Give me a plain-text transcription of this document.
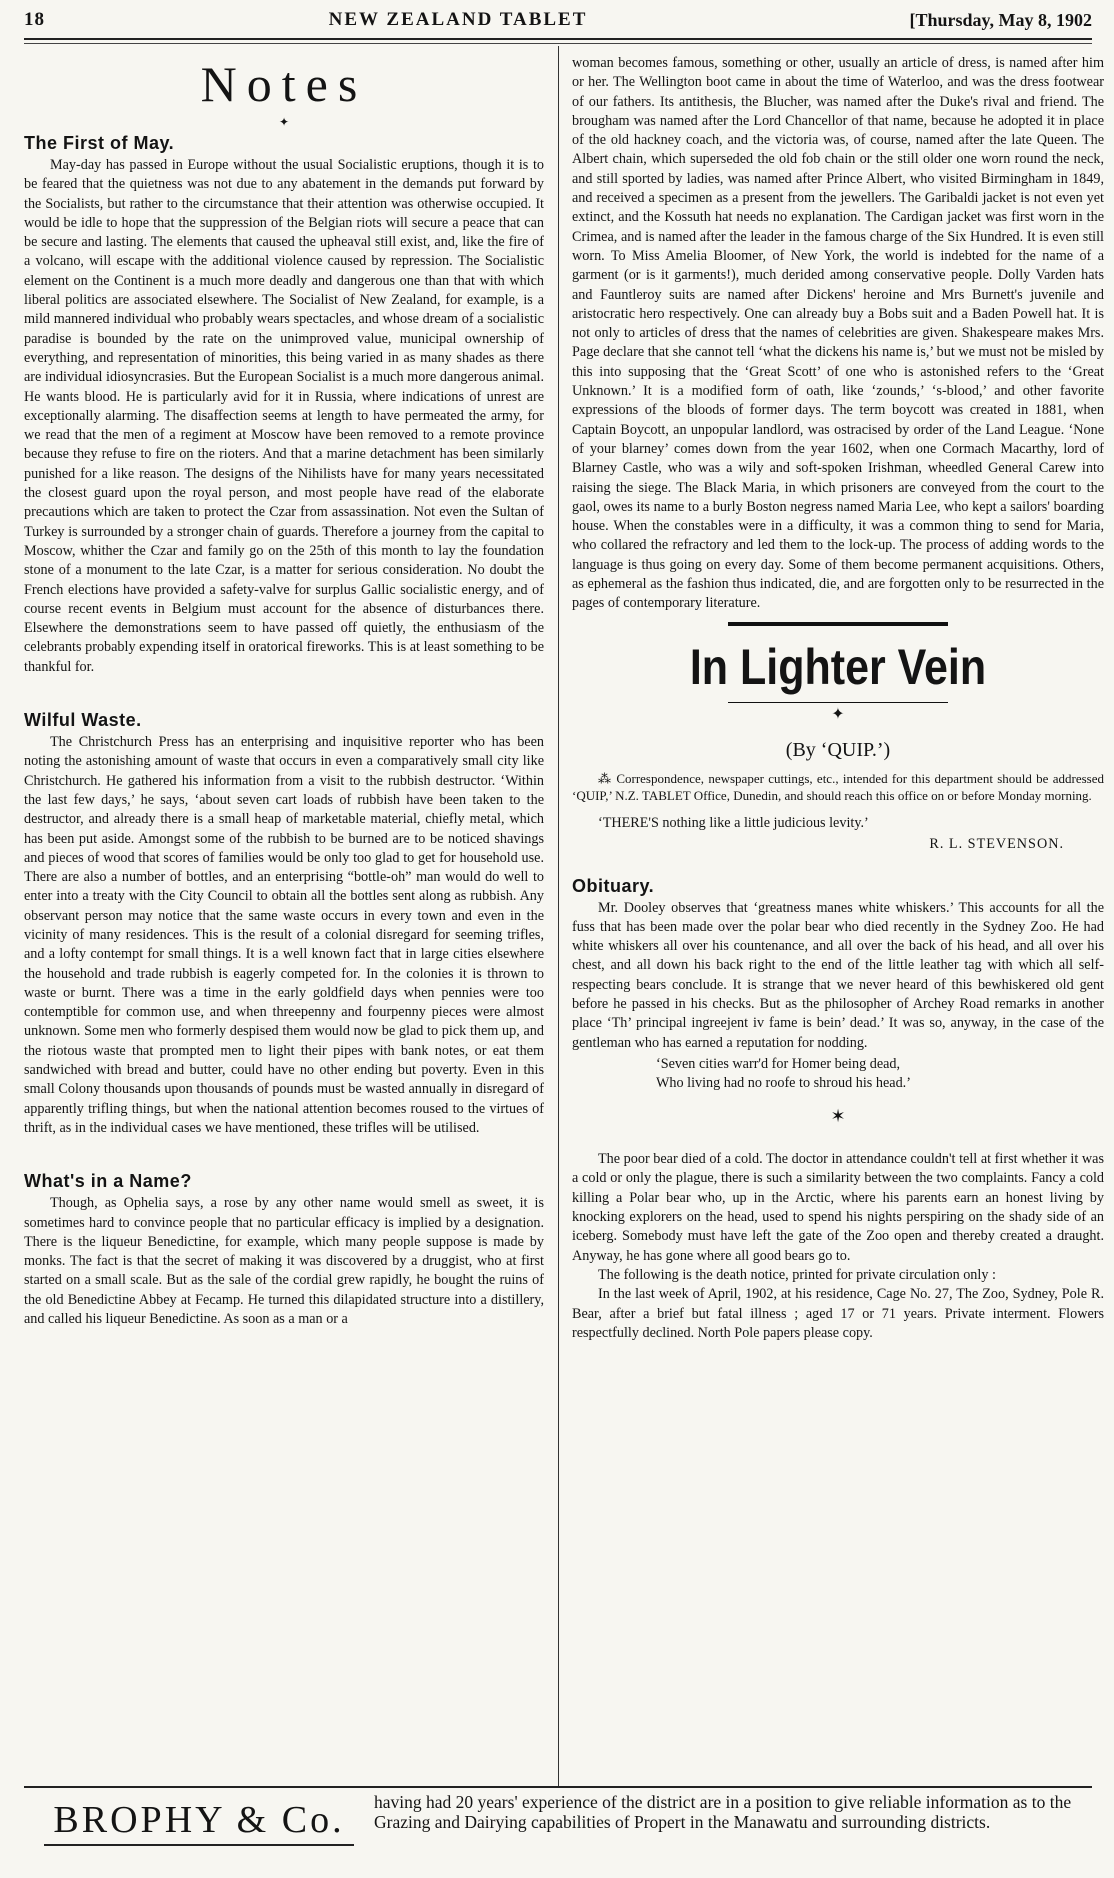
18	NEW ZEALAND TABLET	[Thursday, May 8, 1902
Notes
✦
The First of May.

May-day has passed in Europe without the usual Socialistic eruptions, though it is to be feared that the quietness was not due to any abatement in the demands put forward by the Socialists, but rather to the circumstance that their attention was otherwise occupied. It would be idle to hope that the suppression of the Belgian riots will secure a peace that can be secure and lasting. The elements that caused the upheaval still exist, and, like the fire of a volcano, will escape with the additional violence caused by repression. The Socialistic element on the Continent is a much more deadly and dangerous one than that with which liberal politics are associated elsewhere. The Socialist of New Zealand, for example, is a mild mannered individual who probably wears spectacles, and whose dream of a socialistic paradise is bounded by the rate on the unimproved value, municipal ownership of everything, and representation of minorities, this being varied in as many shades as there are individual idiosyncrasies. But the European Socialist is a much more dangerous animal. He wants blood. He is particularly avid for it in Russia, where indications of unrest are exceptionally alarming. The disaffection seems at length to have permeated the army, for we read that the men of a regiment at Moscow have been removed to a remote province because they refuse to fire on the rioters. And that a marine detachment has been similarly punished for a like reason. The designs of the Nihilists have for many years necessitated the closest guard upon the royal person, and most people have read of the elaborate precautions which are taken to protect the Czar from assassination. Not even the Sultan of Turkey is surrounded by a stronger chain of guards. Therefore a journey from the capital to Moscow, whither the Czar and family go on the 25th of this month to lay the foundation stone of a monument to the late Czar, is a matter for serious consideration. No doubt the French elections have provided a safety-valve for surplus Gallic socialistic energy, and of course recent events in Belgium must account for the absence of disturbances there. Elsewhere the demonstrations seem to have passed off quietly, the enthusiasm of the celebrants probably expending itself in oratorical fireworks. This is at least something to be thankful for.

Wilful Waste.

The Christchurch Press has an enterprising and inquisitive reporter who has been noting the astonishing amount of waste that occurs in even a comparatively small city like Christchurch. He gathered his information from a visit to the rubbish destructor. ‘Within the last few days,’ he says, ‘about seven cart loads of rubbish have been taken to the destructor, and already there is a small heap of marketable material, chiefly metal, which has been put aside. Amongst some of the rubbish to be burned are to be noticed shavings and pieces of wood that scores of families would be only too glad to get for household use. There are also a number of bottles, and an enterprising “bottle-oh” man would do well to enter into a treaty with the City Council to obtain all the bottles sent along as rubbish. Any observant person may notice that the same waste occurs in every town and even in the vicinity of many residences. This is the result of a colonial disregard for seeming trifles, and a lofty contempt for small things. It is a well known fact that in large cities elsewhere the household and trade rubbish is eagerly competed for. In the colonies it is thrown to waste or burnt. There was a time in the early goldfield days when pennies were too contemptible for common use, and when threepenny and fourpenny pieces were almost unknown. Some men who formerly despised them would now be glad to pick them up, and the riotous waste that prompted men to light their pipes with bank notes, or eat them sandwiched with bread and butter, could have no other ending but poverty. Even in this small Colony thousands upon thousands of pounds must be wasted annually in disregard of apparently trifling things, but when the national attention becomes roused to the virtues of thrift, as in the individual cases we have mentioned, these trifles will be utilised.

What's in a Name?

Though, as Ophelia says, a rose by any other name would smell as sweet, it is sometimes hard to convince people that no particular efficacy is implied by a designation. There is the liqueur Benedictine, for example, which many people suppose is made by monks. The fact is that the secret of making it was discovered by a druggist, who at first started on a small scale. But as the sale of the cordial grew rapidly, he bought the ruins of the old Benedictine Abbey at Fecamp. He turned this dilapidated structure into a distillery, and called his liqueur Benedictine. As soon as a man or a

woman becomes famous, something or other, usually an article of dress, is named after him or her. The Wellington boot came in about the time of Waterloo, and was the dress footwear of our fathers. Its antithesis, the Blucher, was named after the Duke's rival and friend. The brougham was named after the Lord Chancellor of that name, because he adopted it in place of the old hackney coach, and the victoria was, of course, named after the late Queen. The Albert chain, which superseded the old fob chain or the still older one worn round the neck, and still sported by ladies, was named after Prince Albert, who visited Birmingham in 1849, and received a specimen as a present from the jewellers. The Garibaldi jacket is not even yet extinct, and the Kossuth hat needs no explanation. The Cardigan jacket was first worn in the Crimea, and is named after the leader in the famous charge of the Six Hundred. It is even still worn. To Miss Amelia Bloomer, of New York, the world is indebted for the name of a garment (or is it garments!), much derided among conservative people. Dolly Varden hats and Fauntleroy suits are named after Dickens' heroine and Mrs Burnett's juvenile and aristocratic hero respectively. One can already buy a Bobs suit and a Baden Powell hat. It is not only to articles of dress that the names of celebrities are given. Shakespeare makes Mrs. Page declare that she cannot tell ‘what the dickens his name is,’ but we must not be misled by this into supposing that the ‘Great Scott’ of one who is astonished refers to the ‘Great Unknown.’ It is a modified form of oath, like ‘zounds,’ ‘s-blood,’ and other favorite expressions of the bloods of former days. The term boycott was created in 1881, when Captain Boycott, an unpopular landlord, was ostracised by order of the Land League. ‘None of your blarney’ comes down from the year 1602, when one Cormach Macarthy, lord of Blarney Castle, who was a wily and soft-spoken Irishman, wheedled General Carew into raising the siege. The Black Maria, in which prisoners are conveyed from the court to the gaol, owes its name to a burly Boston negress named Maria Lee, who kept a sailors' boarding house. When the constables were in a difficulty, it was a common thing to send for Maria, who collared the refractory and led them to the lock-up. The process of adding words to the language is thus going on every day. Some of them become permanent acquisitions. Others, as ephemeral as the fashion thus indicated, die, and are forgotten only to be resurrected in the pages of contemporary literature.

In Lighter Vein
✦
(By ‘QUIP.’)
⁂ Correspondence, newspaper cuttings, etc., intended for this department should be addressed ‘QUIP,’ N.Z. TABLET Office, Dunedin, and should reach this office on or before Monday morning.

‘THERE'S nothing like a little judicious levity.’

R. L. STEVENSON.
Obituary.

Mr. Dooley observes that ‘greatness manes white whiskers.’ This accounts for all the fuss that has been made over the polar bear who died recently in the Sydney Zoo. He had white whiskers all over his countenance, and all over the back of his head, and all over his chest, and all down his back right to the end of the little leather tag with which all self-respecting bears conclude. It is strange that we never heard of this bewhiskered old gent before he passed in his checks. But as the philosopher of Archey Road remarks in another place ‘Th’ principal ingreejent iv fame is bein’ dead.’ It was so, anyway, in the case of the gentleman who has earned a reputation for nodding.

‘Seven cities warr'd for Homer being dead,
Who living had no roofe to shroud his head.’
✶

The poor bear died of a cold. The doctor in attendance couldn't tell at first whether it was a cold or only the plague, there is such a similarity between the two complaints. Fancy a cold killing a Polar bear who, up in the Arctic, where his parents earn an honest living by knocking explorers on the head, used to spend his nights perspiring on the shady side of an iceberg. Somebody must have left the gate of the Zoo open and thereby created a draught. Anyway, he has gone where all good bears go to.

The following is the death notice, printed for private circulation only :

In the last week of April, 1902, at his residence, Cage No. 27, The Zoo, Sydney, Pole R. Bear, after a brief but fatal illness ; aged 17 or 71 years. Private interment. Flowers respectfully declined. North Pole papers please copy.

BROPHY & Co.	having had 20 years' experience of the district are in a position to give reliable information as to the Grazing and Dairying capabilities of Propert in the Manawatu and surrounding districts.
